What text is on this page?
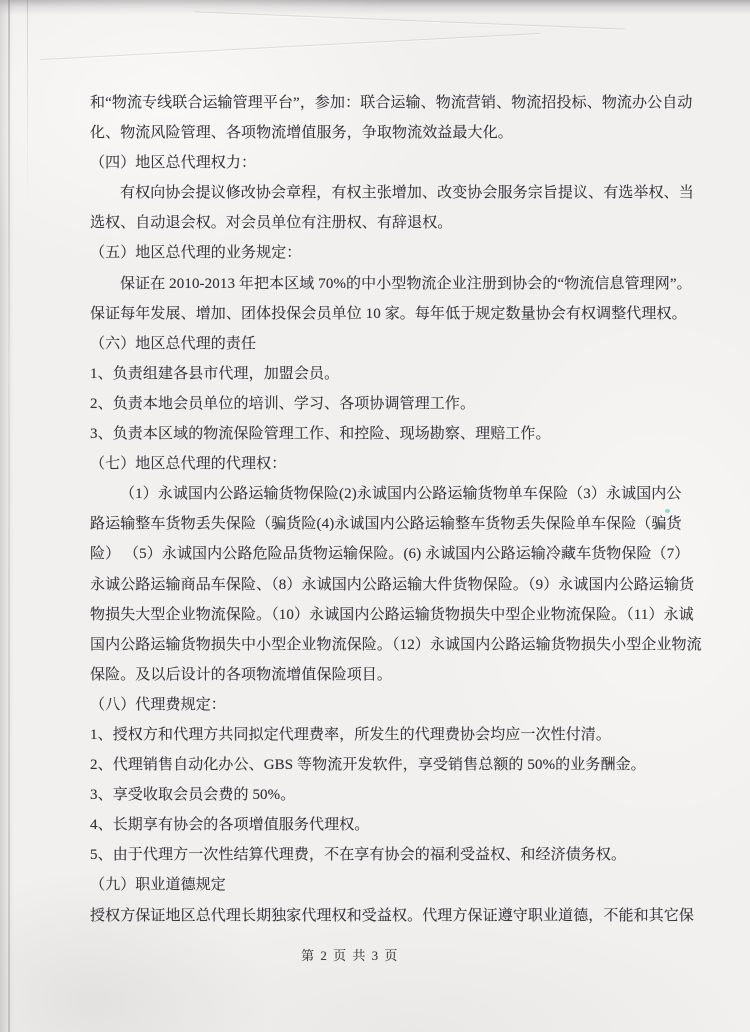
和“物流专线联合运输管理平台”，参加：联合运输、物流营销、物流招投标、物流办公自动
化、物流风险管理、各项物流增值服务，争取物流效益最大化。
（四）地区总代理权力：
有权向协会提议修改协会章程，有权主张增加、改变协会服务宗旨提议、有选举权、当
选权、自动退会权。对会员单位有注册权、有辞退权。
（五）地区总代理的业务规定：
保证在 2010-2013 年把本区域 70%的中小型物流企业注册到协会的“物流信息管理网”。
保证每年发展、增加、团体投保会员单位 10 家。每年低于规定数量协会有权调整代理权。
（六）地区总代理的责任
1、负责组建各县市代理，加盟会员。
2、负责本地会员单位的培训、学习、各项协调管理工作。
3、负责本区域的物流保险管理工作、和控险、现场勘察、理赔工作。
（七）地区总代理的代理权：
（1）永诚国内公路运输货物保险(2)永诚国内公路运输货物单车保险（3）永诚国内公
路运输整车货物丢失保险（骗货险(4)永诚国内公路运输整车货物丢失保险单车保险（骗货
险） （5）永诚国内公路危险品货物运输保险。(6) 永诚国内公路运输冷藏车货物保险（7）
永诚公路运输商品车保险、（8）永诚国内公路运输大件货物保险。（9）永诚国内公路运输货
物损失大型企业物流保险。（10）永诚国内公路运输货物损失中型企业物流保险。（11）永诚
国内公路运输货物损失中小型企业物流保险。（12）永诚国内公路运输货物损失小型企业物流
保险。及以后设计的各项物流增值保险项目。
（八）代理费规定：
1、授权方和代理方共同拟定代理费率，所发生的代理费协会均应一次性付清。
2、代理销售自动化办公、GBS 等物流开发软件，享受销售总额的 50%的业务酬金。
3、享受收取会员会费的 50%。
4、长期享有协会的各项增值服务代理权。
5、由于代理方一次性结算代理费，不在享有协会的福利受益权、和经济债务权。
（九）职业道德规定
授权方保证地区总代理长期独家代理权和受益权。代理方保证遵守职业道德，不能和其它保
第 2 页 共 3 页
